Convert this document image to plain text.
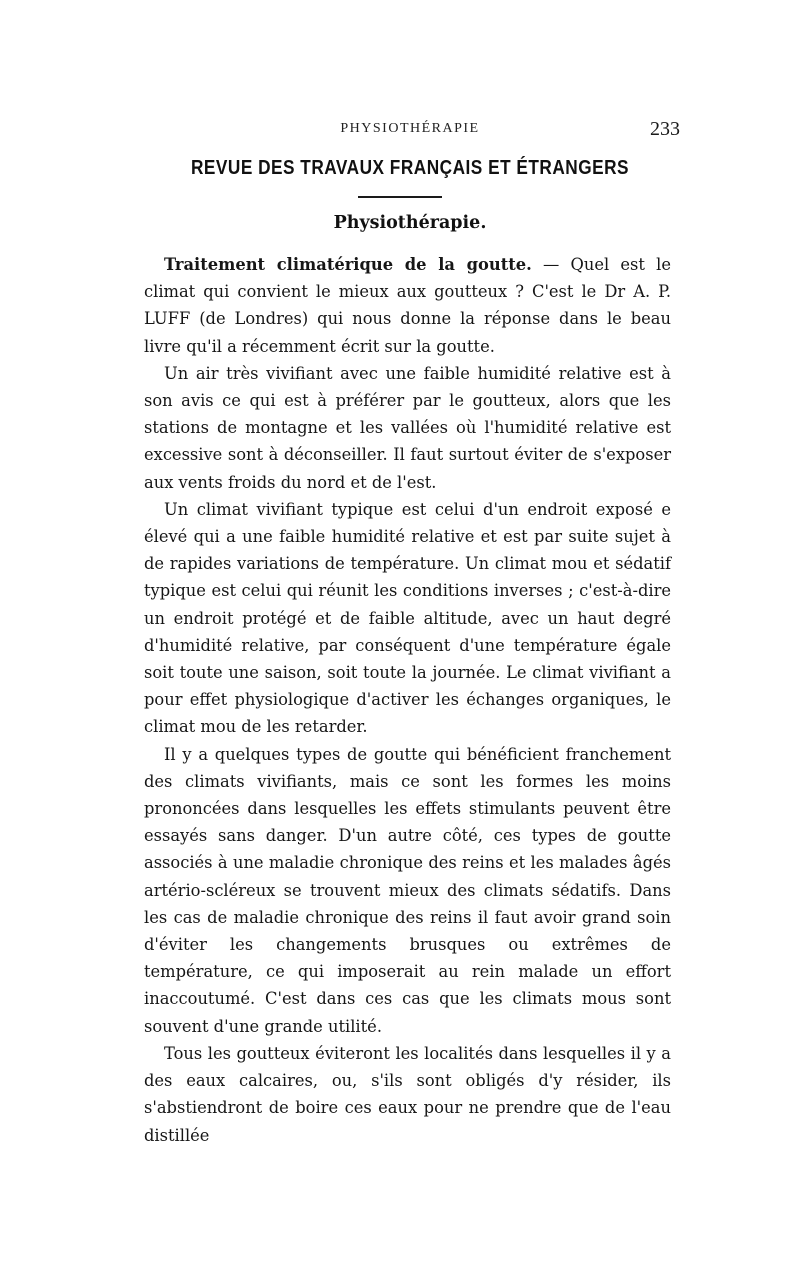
PHYSIOTHÉRAPIE	233
REVUE DES TRAVAUX FRANÇAIS ET ÉTRANGERS
Physiothérapie.

Traitement climatérique de la goutte. — Quel est le climat qui convient le mieux aux goutteux ? C'est le Dr A. P. LUFF (de Londres) qui nous donne la réponse dans le beau livre qu'il a récemment écrit sur la goutte.

Un air très vivifiant avec une faible humidité relative est à son avis ce qui est à préférer par le goutteux, alors que les stations de montagne et les vallées où l'humidité relative est excessive sont à déconseiller. Il faut surtout éviter de s'exposer aux vents froids du nord et de l'est.

Un climat vivifiant typique est celui d'un endroit exposé e élevé qui a une faible humidité relative et est par suite sujet à de rapides variations de température. Un climat mou et sédatif typique est celui qui réunit les conditions inverses ; c'est-à-dire un endroit protégé et de faible altitude, avec un haut degré d'humidité relative, par conséquent d'une température égale soit toute une saison, soit toute la journée. Le climat vivifiant a pour effet physiologique d'activer les échanges organiques, le climat mou de les retarder.

Il y a quelques types de goutte qui bénéficient franchement des climats vivifiants, mais ce sont les formes les moins prononcées dans lesquelles les effets stimulants peuvent être essayés sans danger. D'un autre côté, ces types de goutte associés à une maladie chronique des reins et les malades âgés artério-scléreux se trouvent mieux des climats sédatifs. Dans les cas de maladie chronique des reins il faut avoir grand soin d'éviter les changements brusques ou extrêmes de température, ce qui imposerait au rein malade un effort inaccoutumé. C'est dans ces cas que les climats mous sont souvent d'une grande utilité.

Tous les goutteux éviteront les localités dans lesquelles il y a des eaux calcaires, ou, s'ils sont obligés d'y résider, ils s'abstiendront de boire ces eaux pour ne prendre que de l'eau distillée
